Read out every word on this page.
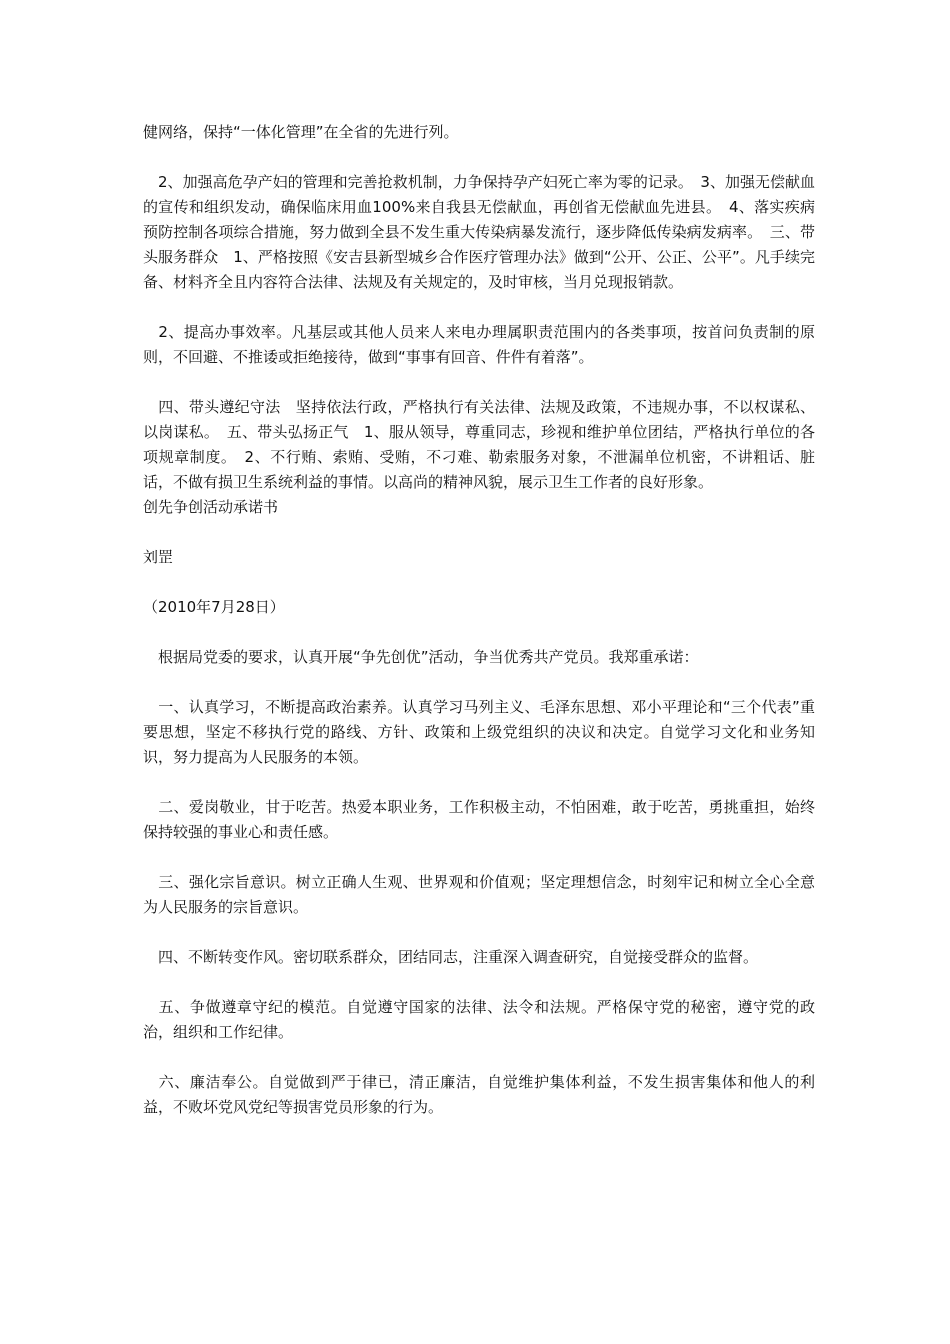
健网络，保持“一体化管理”在全省的先进行列。

　2、加强高危孕产妇的管理和完善抢救机制，力争保持孕产妇死亡率为零的记录。　3、加强无偿献血的宣传和组织发动，确保临床用血100%来自我县无偿献血，再创省无偿献血先进县。　4、落实疾病预防控制各项综合措施，努力做到全县不发生重大传染病暴发流行，逐步降低传染病发病率。　三、带头服务群众　1、严格按照《安吉县新型城乡合作医疗管理办法》做到“公开、公正、公平”。凡手续完备、材料齐全且内容符合法律、法规及有关规定的，及时审核，当月兑现报销款。

　2、提高办事效率。凡基层或其他人员来人来电办理属职责范围内的各类事项，按首问负责制的原则，不回避、不推诿或拒绝接待，做到“事事有回音、件件有着落”。

　四、带头遵纪守法　坚持依法行政，严格执行有关法律、法规及政策，不违规办事，不以权谋私、以岗谋私。　五、带头弘扬正气　1、服从领导，尊重同志，珍视和维护单位团结，严格执行单位的各项规章制度。　2、不行贿、索贿、受贿，不刁难、勒索服务对象，不泄漏单位机密，不讲粗话、脏话，不做有损卫生系统利益的事情。以高尚的精神风貌，展示卫生工作者的良好形象。

创先争创活动承诺书

刘罡

（2010年7月28日）

　根据局党委的要求，认真开展“争先创优”活动，争当优秀共产党员。我郑重承诺：

　一、认真学习，不断提高政治素养。认真学习马列主义、毛泽东思想、邓小平理论和“三个代表”重要思想，坚定不移执行党的路线、方针、政策和上级党组织的决议和决定。自觉学习文化和业务知识，努力提高为人民服务的本领。

　二、爱岗敬业，甘于吃苦。热爱本职业务，工作积极主动，不怕困难，敢于吃苦，勇挑重担，始终保持较强的事业心和责任感。

　三、强化宗旨意识。树立正确人生观、世界观和价值观；坚定理想信念，时刻牢记和树立全心全意为人民服务的宗旨意识。

　四、不断转变作风。密切联系群众，团结同志，注重深入调查研究，自觉接受群众的监督。

　五、争做遵章守纪的模范。自觉遵守国家的法律、法令和法规。严格保守党的秘密，遵守党的政治，组织和工作纪律。

　六、廉洁奉公。自觉做到严于律已，清正廉洁，自觉维护集体利益，不发生损害集体和他人的利益，不败坏党风党纪等损害党员形象的行为。
